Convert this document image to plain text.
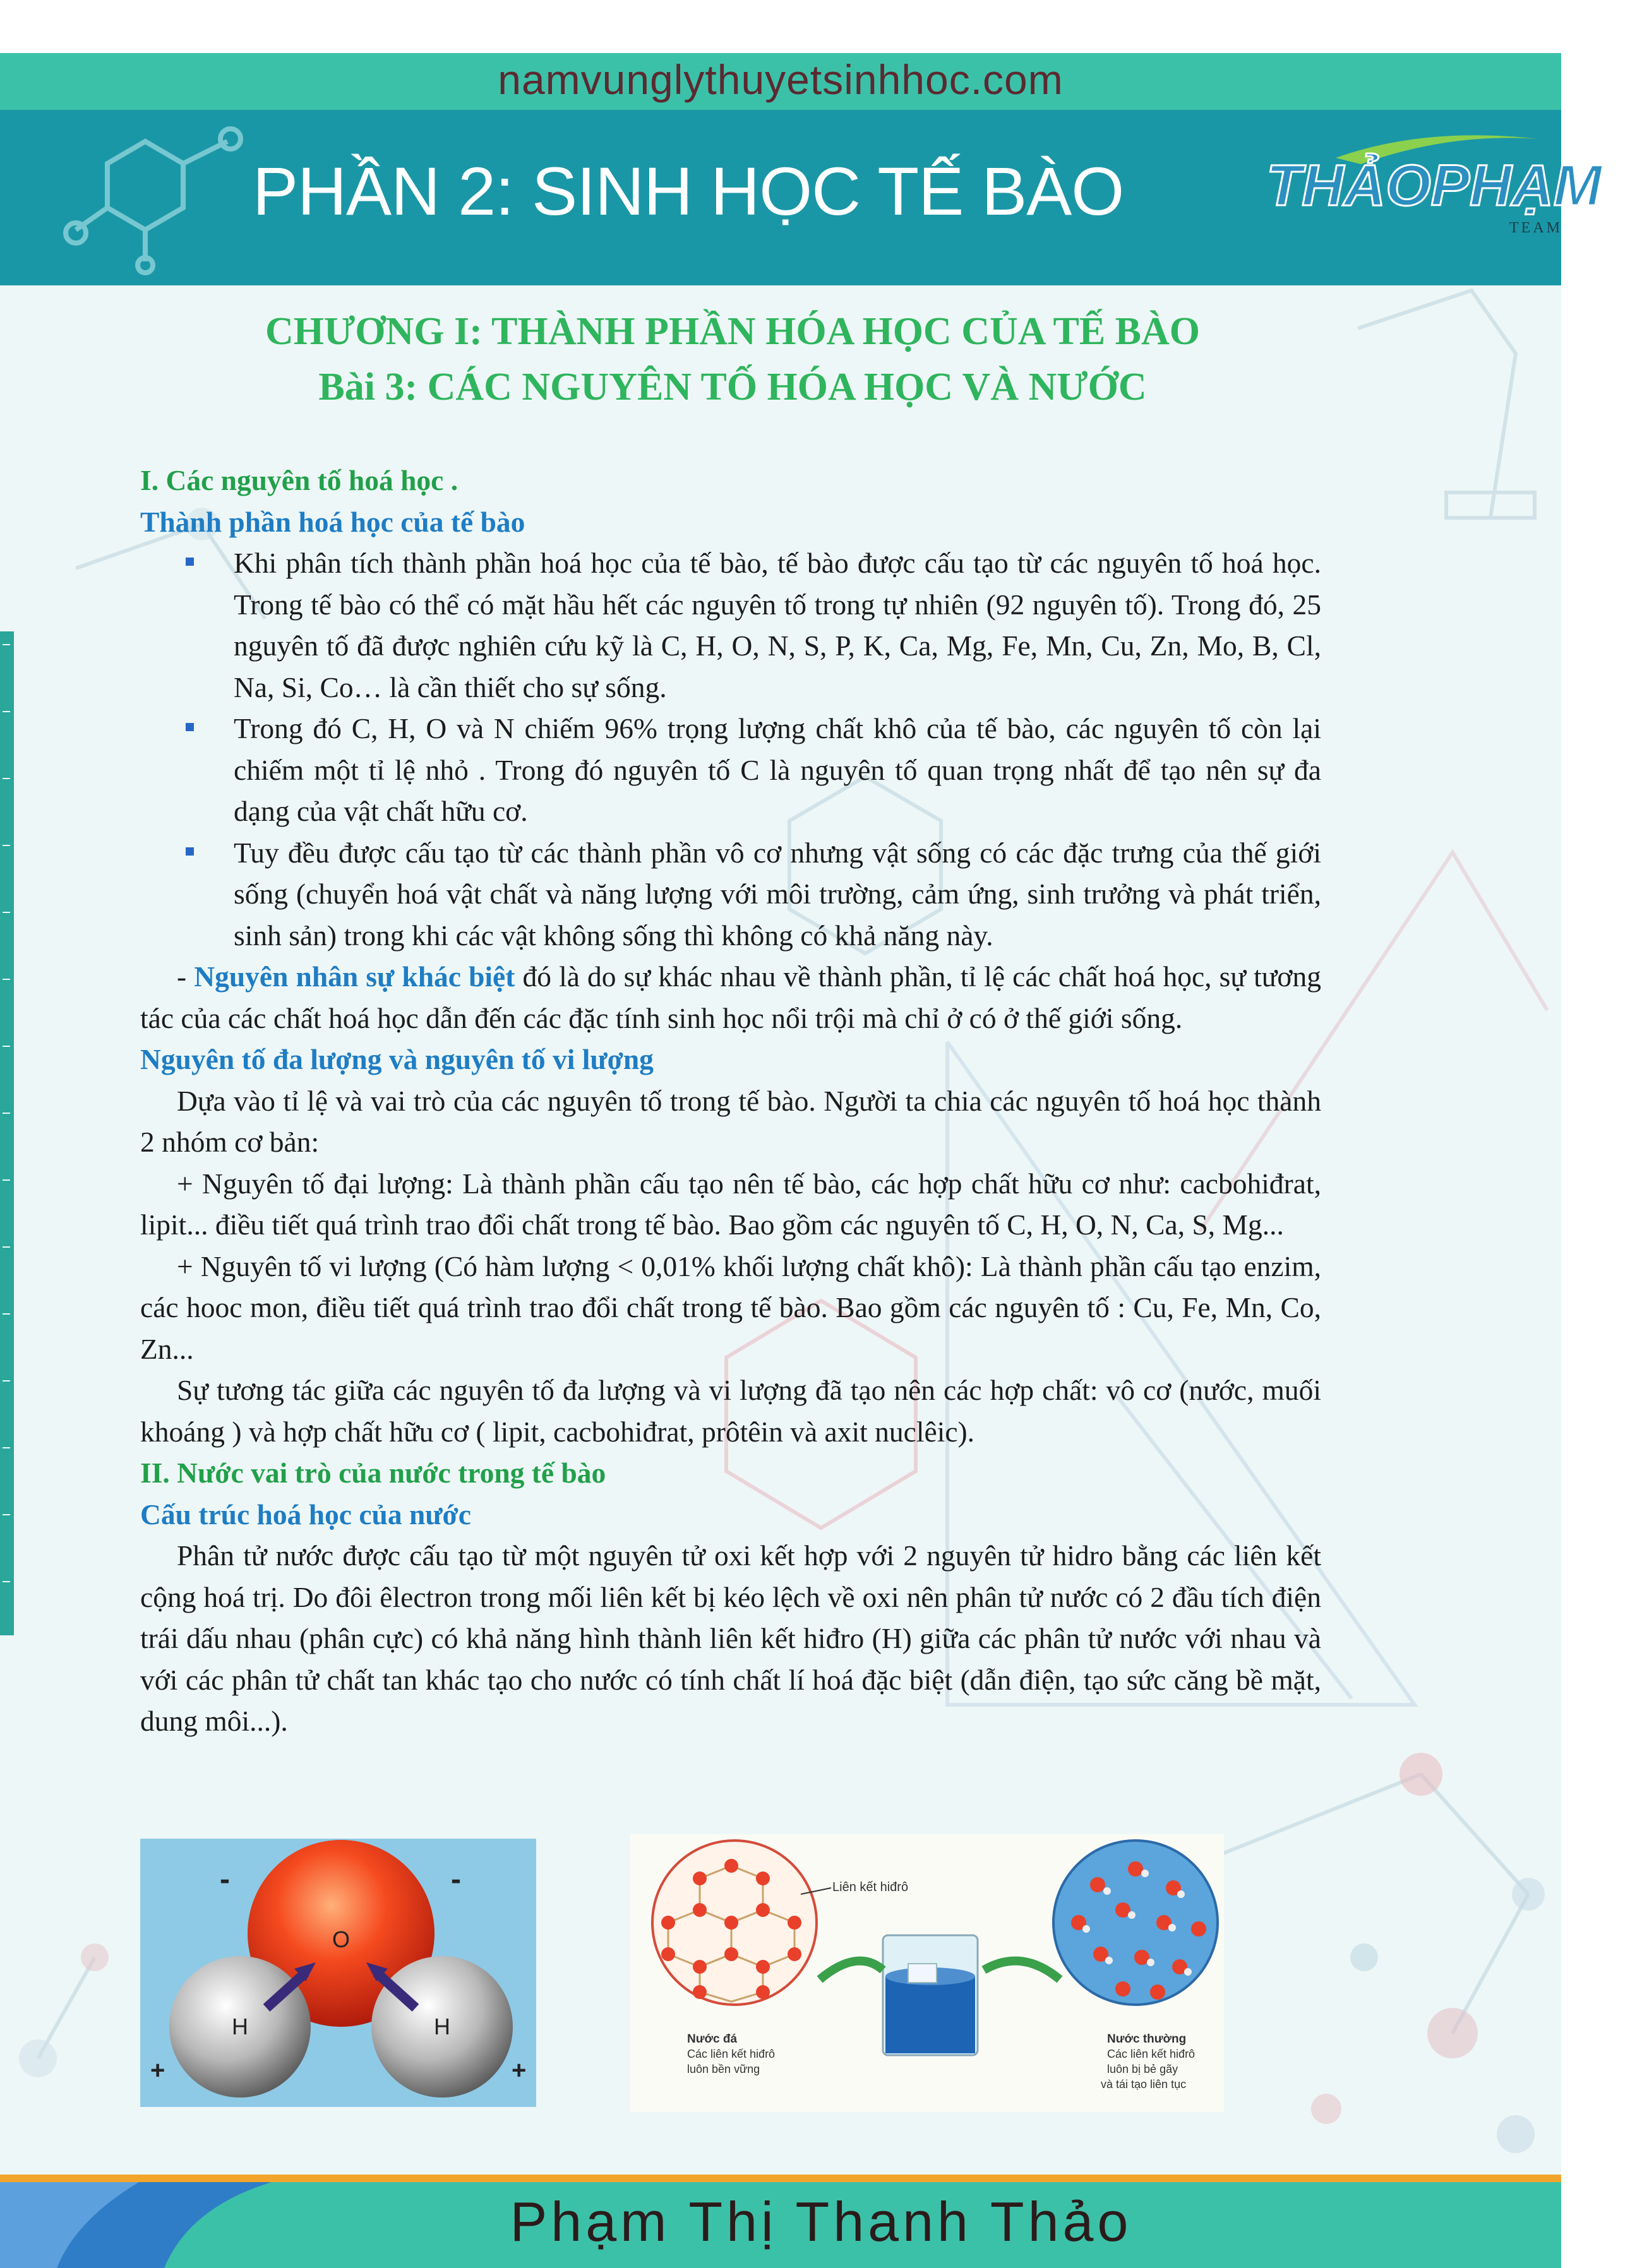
namvunglythuyetsinhhoc.com
PHẦN 2: SINH HỌC TẾ BÀO THẢOPHẠM
TEAM
CHƯƠNG I: THÀNH PHẦN HÓA HỌC CỦA TẾ BÀO
Bài 3: CÁC NGUYÊN TỐ HÓA HỌC VÀ NƯỚC

I. Các nguyên tố hoá học .

Thành phần hoá học của tế bào

Khi phân tích thành phần hoá học của tế bào, tế bào được cấu tạo từ các nguyên tố hoá học. Trong tế bào có thể có mặt hầu hết các nguyên tố trong tự nhiên (92 nguyên tố). Trong đó, 25 nguyên tố đã được nghiên cứu kỹ là C, H, O, N, S, P, K, Ca, Mg, Fe, Mn, Cu, Zn, Mo, B, Cl, Na, Si, Co… là cần thiết cho sự sống.
Trong đó C, H, O và N chiếm 96% trọng lượng chất khô của tế bào, các nguyên tố còn lại chiếm một tỉ lệ nhỏ . Trong đó nguyên tố C là nguyên tố quan trọng nhất để tạo nên sự đa dạng của vật chất hữu cơ.
Tuy đều được cấu tạo từ các thành phần vô cơ nhưng vật sống có các đặc trưng của thế giới sống (chuyển hoá vật chất và năng lượng với môi trường, cảm ứng, sinh trưởng và phát triển, sinh sản) trong khi các vật không sống thì không có khả năng này.

- Nguyên nhân sự khác biệt đó là do sự khác nhau về thành phần, tỉ lệ các chất hoá học, sự tương tác của các chất hoá học dẫn đến các đặc tính sinh học nổi trội mà chỉ ở có ở thế giới sống.

Nguyên tố đa lượng và nguyên tố vi lượng

Dựa vào tỉ lệ và vai trò của các nguyên tố trong tế bào. Người ta chia các nguyên tố hoá học thành 2 nhóm cơ bản:

+ Nguyên tố đại lượng: Là thành phần cấu tạo nên tế bào, các hợp chất hữu cơ như: cacbohiđrat, lipit... điều tiết quá trình trao đổi chất trong tế bào. Bao gồm các nguyên tố C, H, O, N, Ca, S, Mg...

+ Nguyên tố vi lượng (Có hàm lượng < 0,01% khối lượng chất khô): Là thành phần cấu tạo enzim, các hooc mon, điều tiết quá trình trao đổi chất trong tế bào. Bao gồm các nguyên tố : Cu, Fe, Mn, Co, Zn...

Sự tương tác giữa các nguyên tố đa lượng và vi lượng đã tạo nên các hợp chất: vô cơ (nước, muối khoáng ) và hợp chất hữu cơ ( lipit, cacbohiđrat, prôtêin và axit nuclêic).

II. Nước vai trò của nước trong tế bào

Cấu trúc hoá học của nước

Phân tử nước được cấu tạo từ một nguyên tử oxi kết hợp với 2 nguyên tử hidro bằng các liên kết cộng hoá trị. Do đôi êlectron trong mối liên kết bị kéo lệch về oxi nên phân tử nước có 2 đầu tích điện trái dấu nhau (phân cực) có khả năng hình thành liên kết hiđro (H) giữa các phân tử nước với nhau và với các phân tử chất tan khác tạo cho nước có tính chất lí hoá đặc biệt (dẫn điện, tạo sức căng bề mặt, dung môi...).

O
H	H
-	-
+	+
Liên kết hiđrô
Nước đá
Các liên kết hiđrô
luôn bền vững
Nước thường
Các liên kết hiđrô
luôn bị bẻ gãy
và tái tạo liên tục
Phạm Thị Thanh Thảo
